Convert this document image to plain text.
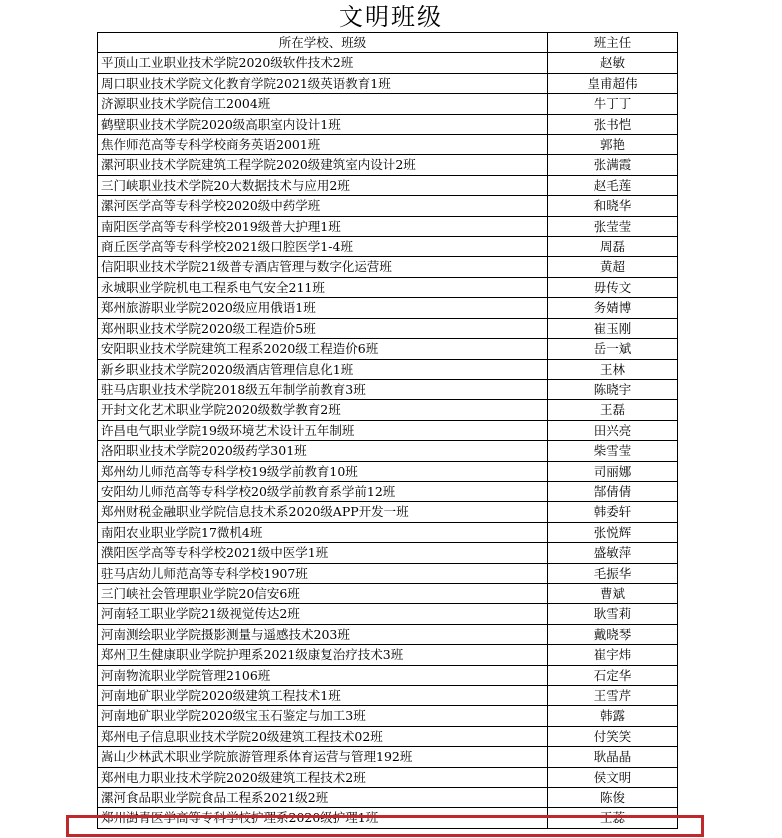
文明班级
所在学校、班级	班主任
平顶山工业职业技术学院2020级软件技术2班	赵敏
周口职业技术学院文化教育学院2021级英语教育1班	皇甫超伟
济源职业技术学院信工2004班	牛丁丁
鹤壁职业技术学院2020级高职室内设计1班	张书恺
焦作师范高等专科学校商务英语2001班	郭艳
漯河职业技术学院建筑工程学院2020级建筑室内设计2班	张满霞
三门峡职业技术学院20大数据技术与应用2班	赵毛莲
漯河医学高等专科学校2020级中药学班	和晓华
南阳医学高等专科学校2019级普大护理1班	张莹莹
商丘医学高等专科学校2021级口腔医学1-4班	周磊
信阳职业技术学院21级普专酒店管理与数字化运营班	黄超
永城职业学院机电工程系电气安全211班	毋传文
郑州旅游职业学院2020级应用俄语1班	务婧博
郑州职业技术学院2020级工程造价5班	崔玉刚
安阳职业技术学院建筑工程系2020级工程造价6班	岳一斌
新乡职业技术学院2020级酒店管理信息化1班	王林
驻马店职业技术学院2018级五年制学前教育3班	陈晓宇
开封文化艺术职业学院2020级数学教育2班	王磊
许昌电气职业学院19级环境艺术设计五年制班	田兴亮
洛阳职业技术学院2020级药学301班	柴雪莹
郑州幼儿师范高等专科学校19级学前教育10班	司丽娜
安阳幼儿师范高等专科学校20级学前教育系学前12班	郜倩倩
郑州财税金融职业学院信息技术系2020级APP开发一班	韩委轩
南阳农业职业学院17微机4班	张悦辉
濮阳医学高等专科学校2021级中医学1班	盛敏萍
驻马店幼儿师范高等专科学校1907班	毛振华
三门峡社会管理职业学院20信安6班	曹斌
河南轻工职业学院21级视觉传达2班	耿雪莉
河南测绘职业学院摄影测量与遥感技术203班	戴晓琴
郑州卫生健康职业学院护理系2021级康复治疗技术3班	崔宇炜
河南物流职业学院管理2106班	石定华
河南地矿职业学院2020级建筑工程技术1班	王雪芹
河南地矿职业学院2020级宝玉石鉴定与加工3班	韩露
郑州电子信息职业技术学院20级建筑工程技术02班	付笑笑
嵩山少林武术职业学院旅游管理系体育运营与管理192班	耿晶晶
郑州电力职业技术学院2020级建筑工程技术2班	侯文明
漯河食品职业学院食品工程系2021级2班	陈俊
郑州澍青医学高等专科学校护理系2020级护理1班	王蕊
